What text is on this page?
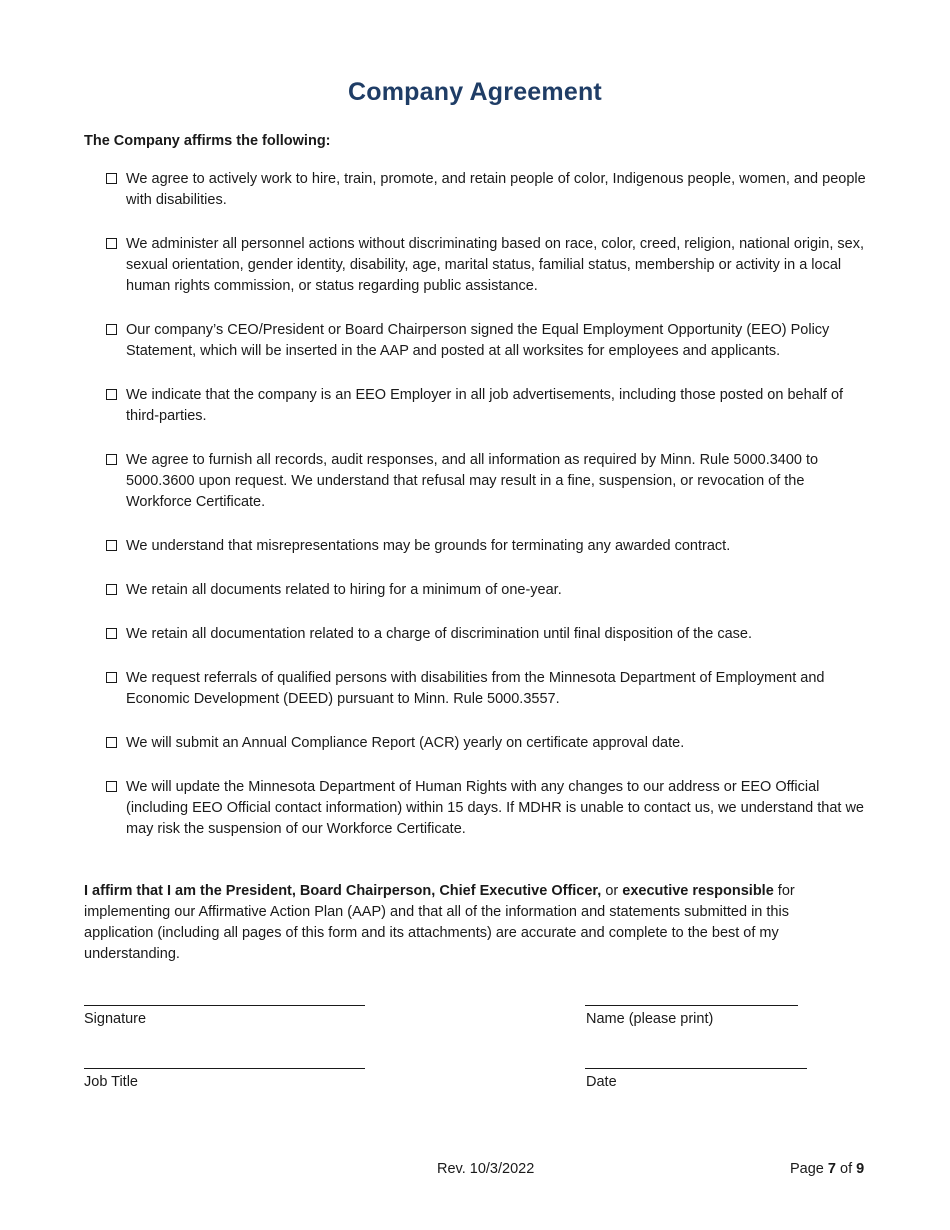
Company Agreement
The Company affirms the following:
We agree to actively work to hire, train, promote, and retain people of color, Indigenous people, women, and people with disabilities.
We administer all personnel actions without discriminating based on race, color, creed, religion, national origin, sex, sexual orientation, gender identity, disability, age, marital status, familial status, membership or activity in a local human rights commission, or status regarding public assistance.
Our company’s CEO/President or Board Chairperson signed the Equal Employment Opportunity (EEO) Policy Statement, which will be inserted in the AAP and posted at all worksites for employees and applicants.
We indicate that the company is an EEO Employer in all job advertisements, including those posted on behalf of third-parties.
We agree to furnish all records, audit responses, and all information as required by Minn. Rule 5000.3400 to 5000.3600 upon request. We understand that refusal may result in a fine, suspension, or revocation of the Workforce Certificate.
We understand that misrepresentations may be grounds for terminating any awarded contract.
We retain all documents related to hiring for a minimum of one-year.
We retain all documentation related to a charge of discrimination until final disposition of the case.
We request referrals of qualified persons with disabilities from the Minnesota Department of Employment and Economic Development (DEED) pursuant to Minn. Rule 5000.3557.
We will submit an Annual Compliance Report (ACR) yearly on certificate approval date.
We will update the Minnesota Department of Human Rights with any changes to our address or EEO Official (including EEO Official contact information) within 15 days. If MDHR is unable to contact us, we understand that we may risk the suspension of our Workforce Certificate.
I affirm that I am the President, Board Chairperson, Chief Executive Officer, or executive responsible for implementing our Affirmative Action Plan (AAP) and that all of the information and statements submitted in this application (including all pages of this form and its attachments) are accurate and complete to the best of my understanding.
Signature	Name (please print)
Job Title	Date
Rev. 10/3/2022	Page 7 of 9
